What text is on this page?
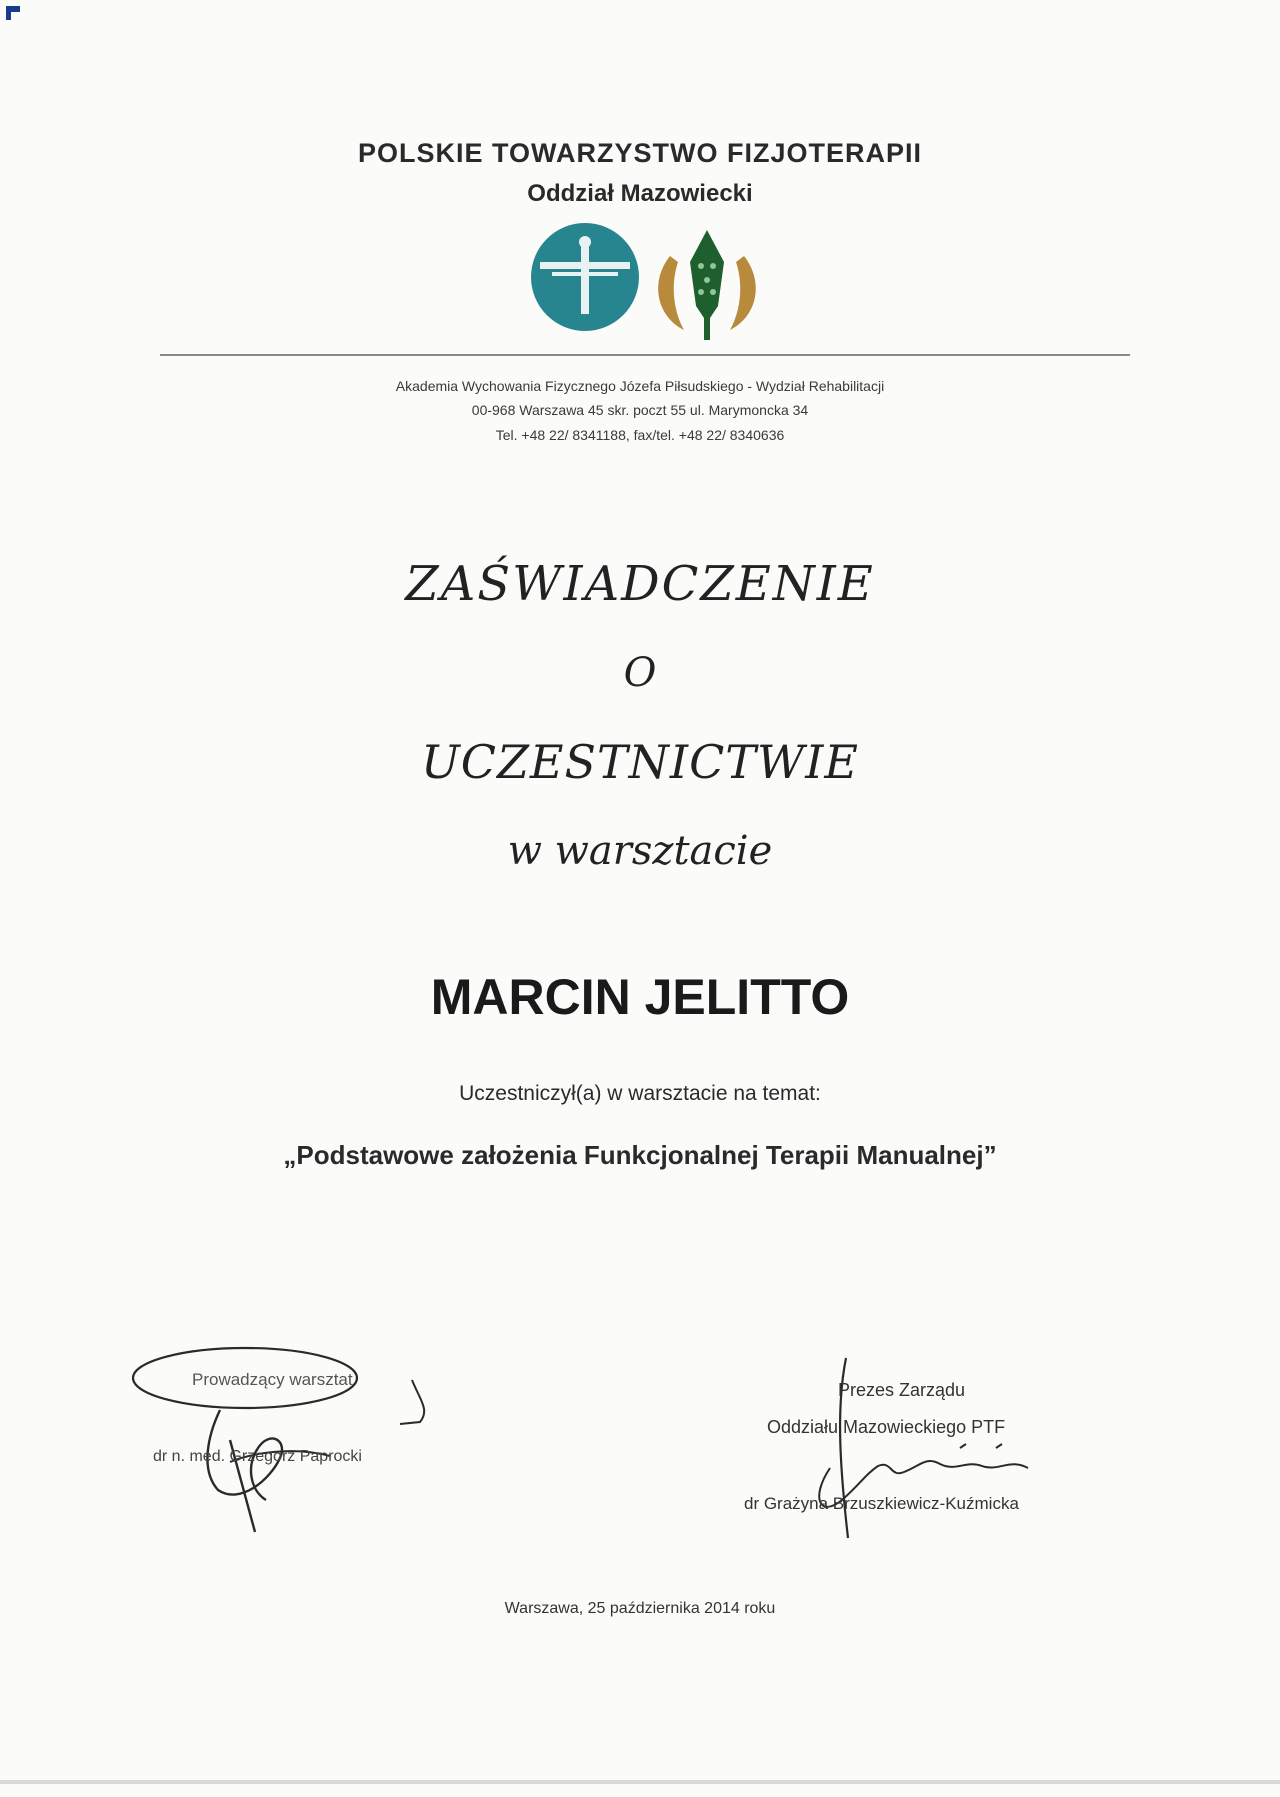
POLSKIE TOWARZYSTWO FIZJOTERAPII
Oddział Mazowiecki

Akademia Wychowania Fizycznego Józefa Piłsudskiego - Wydział Rehabilitacji

00-968 Warszawa 45 skr. poczt 55 ul. Marymoncka 34

Tel. +48 22/ 8341188, fax/tel. +48 22/ 8340636

ZAŚWIADCZENIE

O

UCZESTNICTWIE

w warsztacie

MARCIN JELITTO

Uczestniczył(a) w warsztacie na temat:

„Podstawowe założenia Funkcjonalnej Terapii Manualnej”

Prowadzący warsztat

dr n. med. Grzegorz Paprocki

Prezes Zarządu

Oddziału Mazowieckiego PTF

dr Grażyna Brzuszkiewicz-Kuźmicka

Warszawa, 25 października 2014 roku
